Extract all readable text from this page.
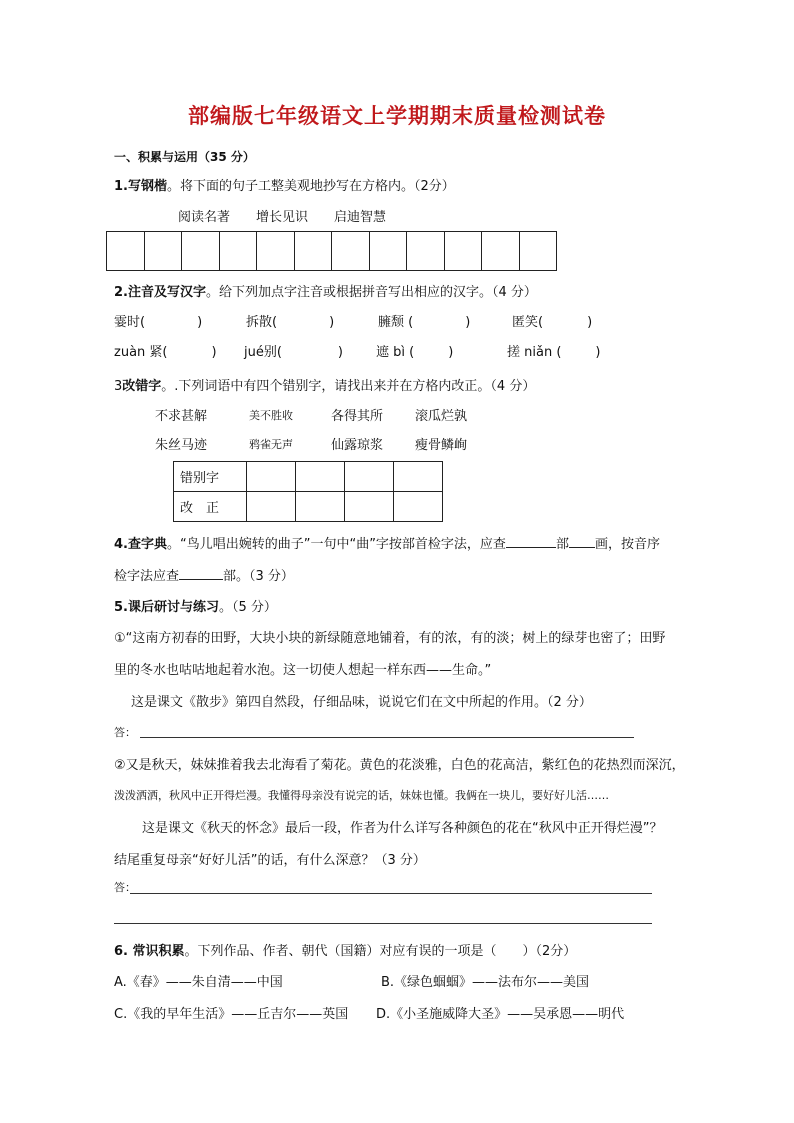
部编版七年级语文上学期期末质量检测试卷
一、积累与运用（35 分）
1.写钢楷。将下面的句子工整美观地抄写在方格内。（2分）
阅读名著　　增长见识　　启迪智慧
2.注音及写汉字。给下列加点字注音或根据拼音写出相应的汉字。（4 分）
霎时(	)	拆散(	)	臃颓 (	)	匿笑(	)
zuàn 紧(	) jué别(	)	遮 bì (	)	搓 niǎn (	)
3改错字。.下列词语中有四个错别字，请找出来并在方格内改正。（4 分）
不求甚解	美不胜收	各得其所 滚瓜烂孰
朱丝马迹	鸦雀无声	仙露琼浆 瘦骨鳞峋
错别字				
改　正				
4.查字典。“鸟儿唱出婉转的曲子”一句中“曲”字按部首检字法，应查	部 画，按音序
检字法应查	部。（3 分）
5.课后研讨与练习。（5 分）
①“这南方初春的田野，大块小块的新绿随意地铺着，有的浓，有的淡；树上的绿芽也密了；田野
里的冬水也咕咕地起着水泡。这一切使人想起一样东西——生命。”
这是课文《散步》第四自然段，仔细品味，说说它们在文中所起的作用。（2 分）
答：
②又是秋天，妹妹推着我去北海看了菊花。黄色的花淡雅，白色的花高洁，紫红色的花热烈而深沉，
泼泼洒洒，秋风中正开得烂漫。我懂得母亲没有说完的话，妹妹也懂。我俩在一块儿，要好好儿活……
这是课文《秋天的怀念》最后一段，作者为什么详写各种颜色的花在“秋风中正开得烂漫”？
结尾重复母亲“好好儿活”的话，有什么深意？（3 分）
答：
6. 常识积累。下列作品、作者、朝代（国籍）对应有误的一项是（　　）（2分）
A.《春》——朱自清——中国	B.《绿色蝈蝈》——法布尔——美国
C.《我的早年生活》——丘吉尔——英国 D.《小圣施威降大圣》——吴承恩——明代
